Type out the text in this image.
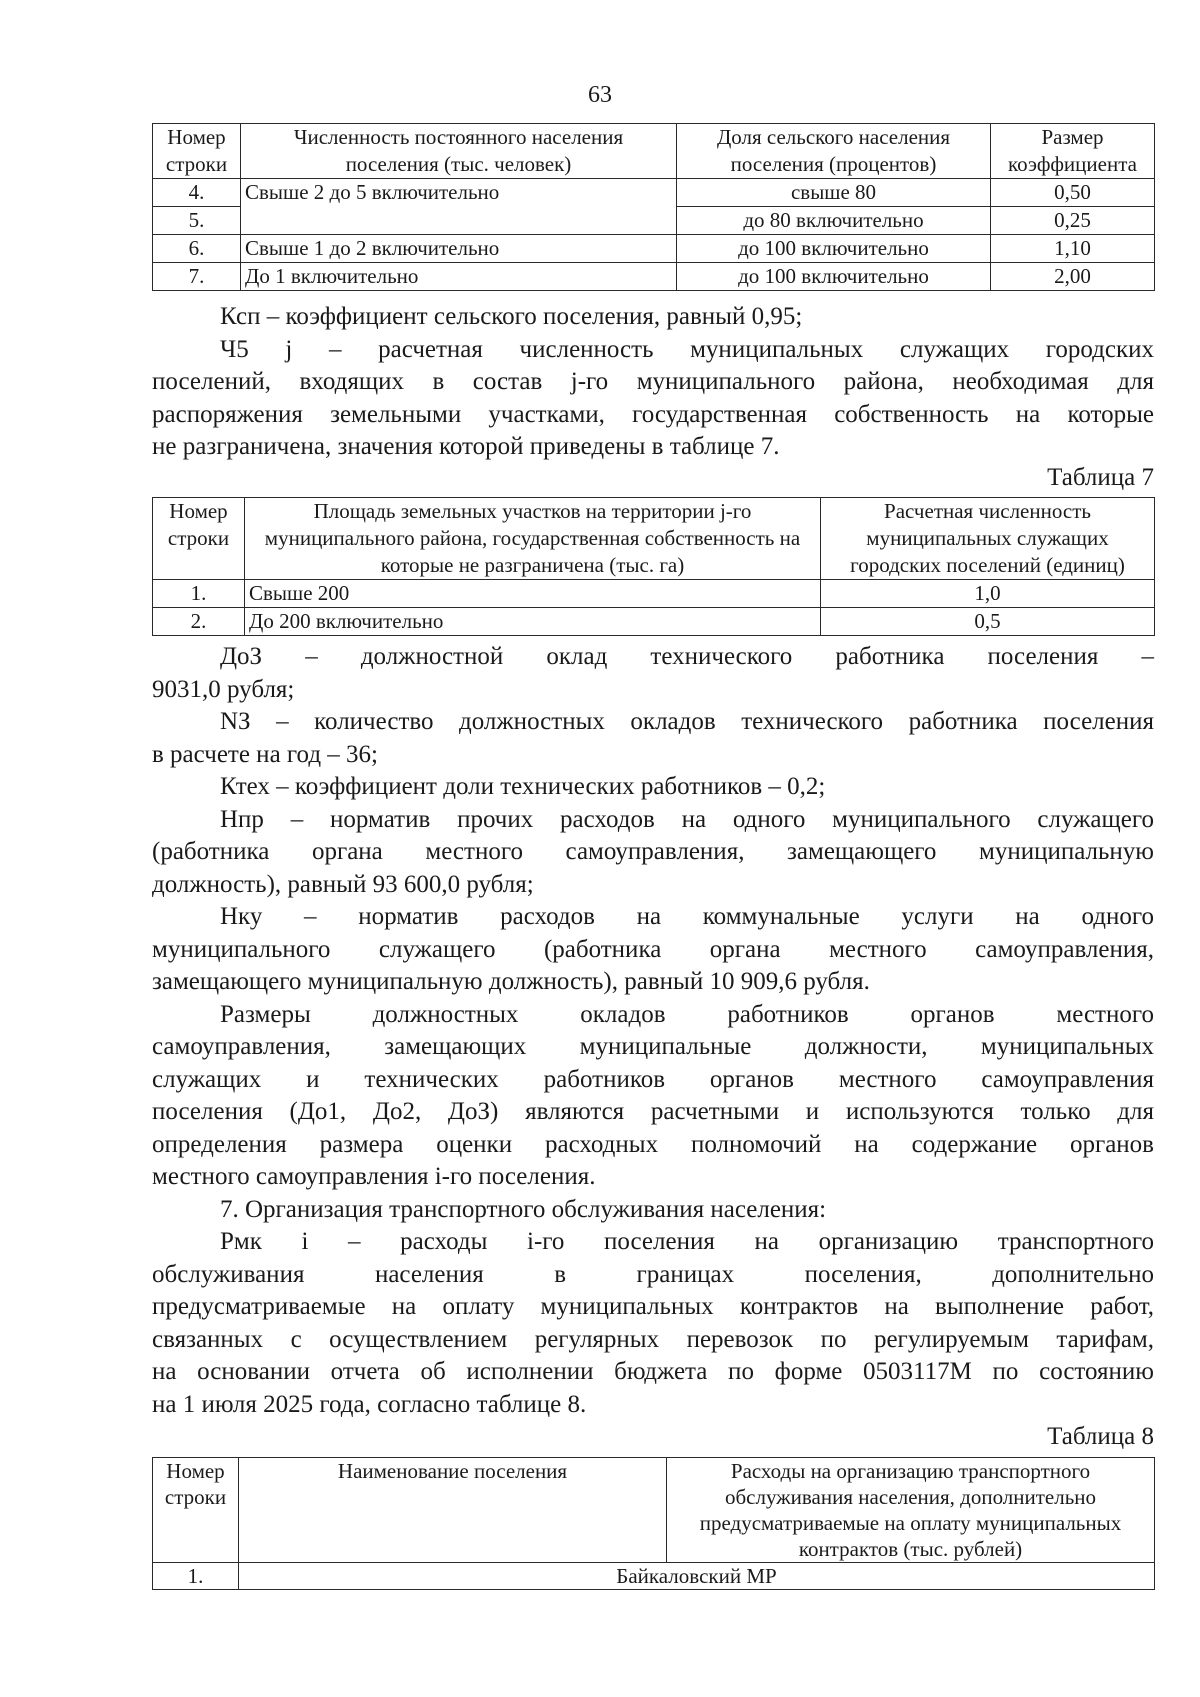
63
Номер строки	Численность постоянного населения поселения (тыс. человек)	Доля сельского населения поселения (процентов)	Размер коэффициента
4.	Свыше 2 до 5 включительно	свыше 80	0,50
5.		до 80 включительно	0,25
6.	Свыше 1 до 2 включительно	до 100 включительно	1,10
7.	До 1 включительно	до 100 включительно	2,00
Ксп – коэффициент сельского поселения, равный 0,95;
Ч5 j – расчетная численность муниципальных служащих городских
поселений, входящих в состав j-го муниципального района, необходимая для
распоряжения земельными участками, государственная собственность на которые
не разграничена, значения которой приведены в таблице 7.
Таблица 7
Номер строки	Площадь земельных участков на территории j-го муниципального района, государственная собственность на которые не разграничена (тыс. га)	Расчетная численность муниципальных служащих городских поселений (единиц)
1.	Свыше 200	1,0
2.	До 200 включительно	0,5
ДоЗ – должностной оклад технического работника поселения –
9031,0 рубля;
NЗ – количество должностных окладов технического работника поселения
в расчете на год – 36;
Ктех – коэффициент доли технических работников – 0,2;
Нпр – норматив прочих расходов на одного муниципального служащего
(работника органа местного самоуправления, замещающего муниципальную
должность), равный 93 600,0 рубля;
Нку – норматив расходов на коммунальные услуги на одного
муниципального служащего (работника органа местного самоуправления,
замещающего муниципальную должность), равный 10 909,6 рубля.
Размеры должностных окладов работников органов местного
самоуправления, замещающих муниципальные должности, муниципальных
служащих и технических работников органов местного самоуправления
поселения (До1, До2, ДоЗ) являются расчетными и используются только для
определения размера оценки расходных полномочий на содержание органов
местного самоуправления i-го поселения.
7. Организация транспортного обслуживания населения:
Рмк i – расходы i-го поселения на организацию транспортного
обслуживания населения в границах поселения, дополнительно
предусматриваемые на оплату муниципальных контрактов на выполнение работ,
связанных с осуществлением регулярных перевозок по регулируемым тарифам,
на основании отчета об исполнении бюджета по форме 0503117М по состоянию
на 1 июля 2025 года, согласно таблице 8.
Таблица 8
Номер строки	Наименование поселения	Расходы на организацию транспортного обслуживания населения, дополнительно предусматриваемые на оплату муниципальных контрактов (тыс. рублей)
1.	Байкаловский МР	
